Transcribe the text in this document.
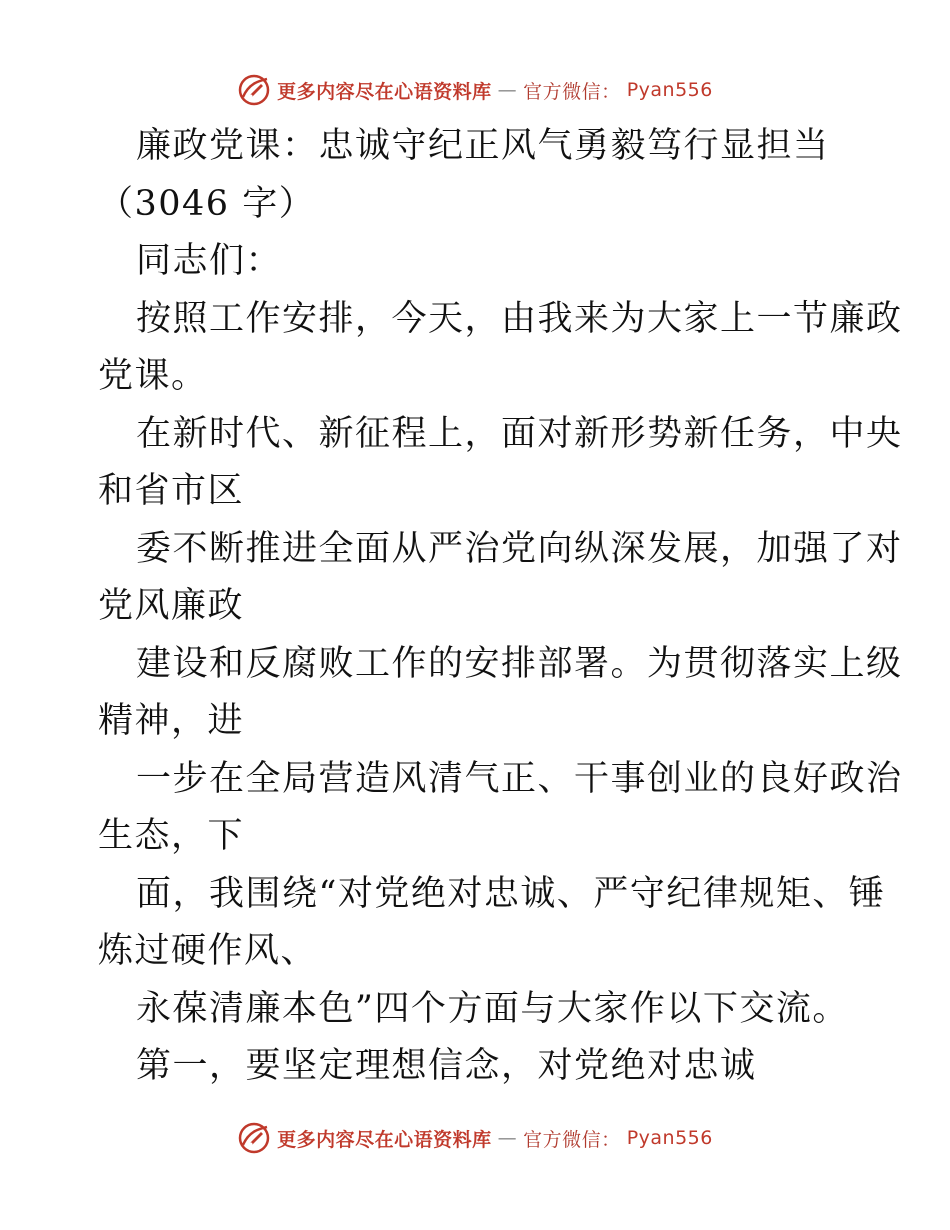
更多内容尽在心语资料库 — 官方微信： Pyan556
廉政党课：忠诚守纪正风气勇毅笃行显担当
（3046 字）
同志们：
按照工作安排，今天，由我来为大家上一节廉政
党课。
在新时代、新征程上，面对新形势新任务，中央
和省市区
委不断推进全面从严治党向纵深发展，加强了对
党风廉政
建设和反腐败工作的安排部署。为贯彻落实上级
精神，进
一步在全局营造风清气正、干事创业的良好政治
生态，下
面，我围绕“对党绝对忠诚、严守纪律规矩、锤
炼过硬作风、
永葆清廉本色”四个方面与大家作以下交流。
第一，要坚定理想信念，对党绝对忠诚
更多内容尽在心语资料库 — 官方微信： Pyan556
